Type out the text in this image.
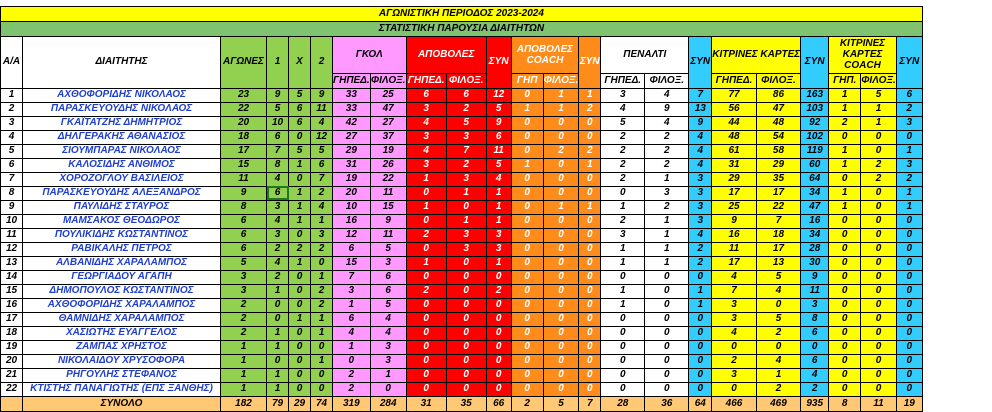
ΑΓΩΝΙΣΤΙΚΗ ΠΕΡΙΟΔΟΣ 2023-2024																						
ΣΤΑΤΙΣΤΙΚΗ ΠΑΡΟΥΣΙΑ ΔΙΑΙΤΗΤΩΝ																						
Α/Α	ΔΙΑΙΤΗΤΗΣ	ΑΓΩΝΕΣ	1	Χ	2	ΓΚΟΛ		ΑΠΟΒΟΛΕΣ		ΣΥΝ	ΑΠΟΒΟΛΕΣ COACH		ΣΥΝ	ΠΕΝΑΛΤΙ		ΣΥΝ	ΚΙΤΡΙΝΕΣ ΚΑΡΤΕΣ		ΣΥΝ	ΚΙΤΡΙΝΕΣ ΚΑΡΤΕΣ COACH		ΣΥΝ
						ΓΗΠΕΔ.	ΦΙΛΟΞ.	ΓΗΠΕΔ.	ΦΙΛΟΞ.		ΓΗΠ	ΦΙΛΟΞ.		ΓΗΠΕΔ.	ΦΙΛΟΞ.		ΓΗΠΕΔ.	ΦΙΛΟΞ.		ΓΗΠ.	ΦΙΛΟΞ.	
1	ΑΧΘΟΦΟΡΙΔΗΣ ΝΙΚΟΛΑΟΣ	23	9	5	9	33	25	6	6	12	0	1	1	3	4	7	77	86	163	1	5	6
2	ΠΑΡΑΣΚΕΥΟΥΔΗΣ ΝΙΚΟΛΑΟΣ	22	5	6	11	33	47	3	2	5	1	1	2	4	9	13	56	47	103	1	1	2
3	ΓΚΑΪΤΑΤΖΗΣ ΔΗΜΗΤΡΙΟΣ	20	10	6	4	42	27	4	5	9	0	0	0	5	4	9	44	48	92	2	1	3
4	ΔΗΛΓΕΡΑΚΗΣ ΑΘΑΝΑΣΙΟΣ	18	6	0	12	27	37	3	3	6	0	0	0	2	2	4	48	54	102	0	0	0
5	ΣΙΟΥΜΠΑΡΑΣ ΝΙΚΟΛΑΟΣ	17	7	5	5	29	19	4	7	11	0	2	2	2	2	4	61	58	119	1	0	1
6	ΚΑΛΟΣΙΔΗΣ ΑΝΘΙΜΟΣ	15	8	1	6	31	26	3	2	5	1	0	1	2	2	4	31	29	60	1	2	3
7	ΧΟΡΟΖΟΓΛΟΥ ΒΑΣΙΛΕΙΟΣ	11	4	0	7	19	22	1	3	4	0	0	0	2	1	3	29	35	64	0	2	2
8	ΠΑΡΑΣΚΕΥΟΥΔΗΣ ΑΛΕΞΑΝΔΡΟΣ	9	6	1	2	20	11	0	1	1	0	0	0	0	3	3	17	17	34	1	0	1
9	ΠΑΥΛΙΔΗΣ ΣΤΑΥΡΟΣ	8	3	1	4	10	15	1	0	1	0	1	1	1	2	3	25	22	47	1	0	1
10	ΜΑΜΣΑΚΟΣ ΘΕΟΔΩΡΟΣ	6	4	1	1	16	9	0	1	1	0	0	0	2	1	3	9	7	16	0	0	0
11	ΠΟΥΛΙΚΙΔΗΣ ΚΩΣΤΑΝΤΙΝΟΣ	6	3	0	3	12	11	2	3	3	0	0	0	3	1	4	16	18	34	0	0	0
12	ΡΑΒΙΚΑΛΗΣ ΠΕΤΡΟΣ	6	2	2	2	6	5	0	3	3	0	0	0	1	1	2	11	17	28	0	0	0
13	ΑΛΒΑΝΙΔΗΣ ΧΑΡΑΛΑΜΠΟΣ	5	4	1	0	15	3	1	0	1	0	0	0	1	1	2	17	13	30	0	0	0
14	ΓΕΩΡΓΙΑΔΟΥ ΑΓΑΠΗ	3	2	0	1	7	6	0	0	0	0	0	0	0	0	0	4	5	9	0	0	0
15	ΔΗΜΟΠΟΥΛΟΣ ΚΩΣΤΑΝΤΙΝΟΣ	3	1	0	2	3	6	2	0	2	0	0	0	1	0	1	7	4	11	0	0	0
16	ΑΧΘΟΦΟΡΙΔΗΣ ΧΑΡΑΛΑΜΠΟΣ	2	0	0	2	1	5	0	0	0	0	0	0	1	0	1	3	0	3	0	0	0
17	ΘΑΜΝΙΔΗΣ ΧΑΡΑΛΑΜΠΟΣ	2	0	1	1	6	4	0	0	0	0	0	0	0	0	0	3	5	8	0	0	0
18	ΧΑΣΙΩΤΗΣ ΕΥΑΓΓΕΛΟΣ	2	1	0	1	4	4	0	0	0	0	0	0	0	0	0	4	2	6	0	0	0
19	ΖΑΜΠΑΣ ΧΡΗΣΤΟΣ	1	1	0	0	1	3	0	0	0	0	0	0	0	0	0	0	0	0	0	0	0
20	ΝΙΚΟΛΑΙΔΟΥ ΧΡΥΣΟΦΟΡΑ	1	0	0	1	0	3	0	0	0	0	0	0	0	0	0	2	4	6	0	0	0
21	ΡΗΓΟΥΛΗΣ ΣΤΕΦΑΝΟΣ	1	1	0	0	2	1	0	0	0	0	0	0	0	0	0	3	1	4	0	0	0
22	ΚΤΙΣΤΗΣ ΠΑΝΑΓΙΩΤΗΣ (ΕΠΣ ΞΑΝΘΗΣ)	1	1	0	0	2	0	0	0	0	0	0	0	0	0	0	0	2	2	0	0	0
	ΣΥΝΟΛΟ	182	79	29	74	319	284	31	35	66	2	5	7	28	36	64	466	469	935	8	11	19
